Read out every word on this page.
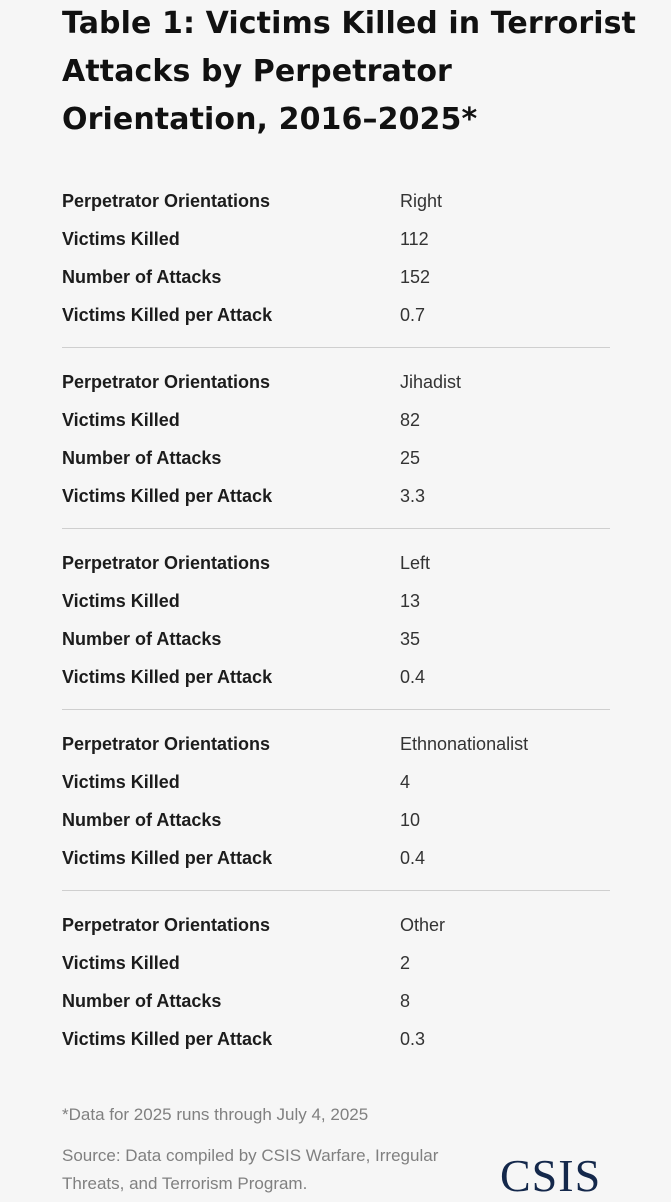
Table 1: Victims Killed in Terrorist Attacks by Perpetrator Orientation, 2016–2025*
Perpetrator Orientations	Right
Victims Killed	112
Number of Attacks	152
Victims Killed per Attack	0.7
Perpetrator Orientations	Jihadist
Victims Killed	82
Number of Attacks	25
Victims Killed per Attack	3.3
Perpetrator Orientations	Left
Victims Killed	13
Number of Attacks	35
Victims Killed per Attack	0.4
Perpetrator Orientations	Ethnonationalist
Victims Killed	4
Number of Attacks	10
Victims Killed per Attack	0.4
Perpetrator Orientations	Other
Victims Killed	2
Number of Attacks	8
Victims Killed per Attack	0.3

*Data for 2025 runs through July 4, 2025

Source: Data compiled by CSIS Warfare, Irregular Threats, and Terrorism Program.	CSIS
